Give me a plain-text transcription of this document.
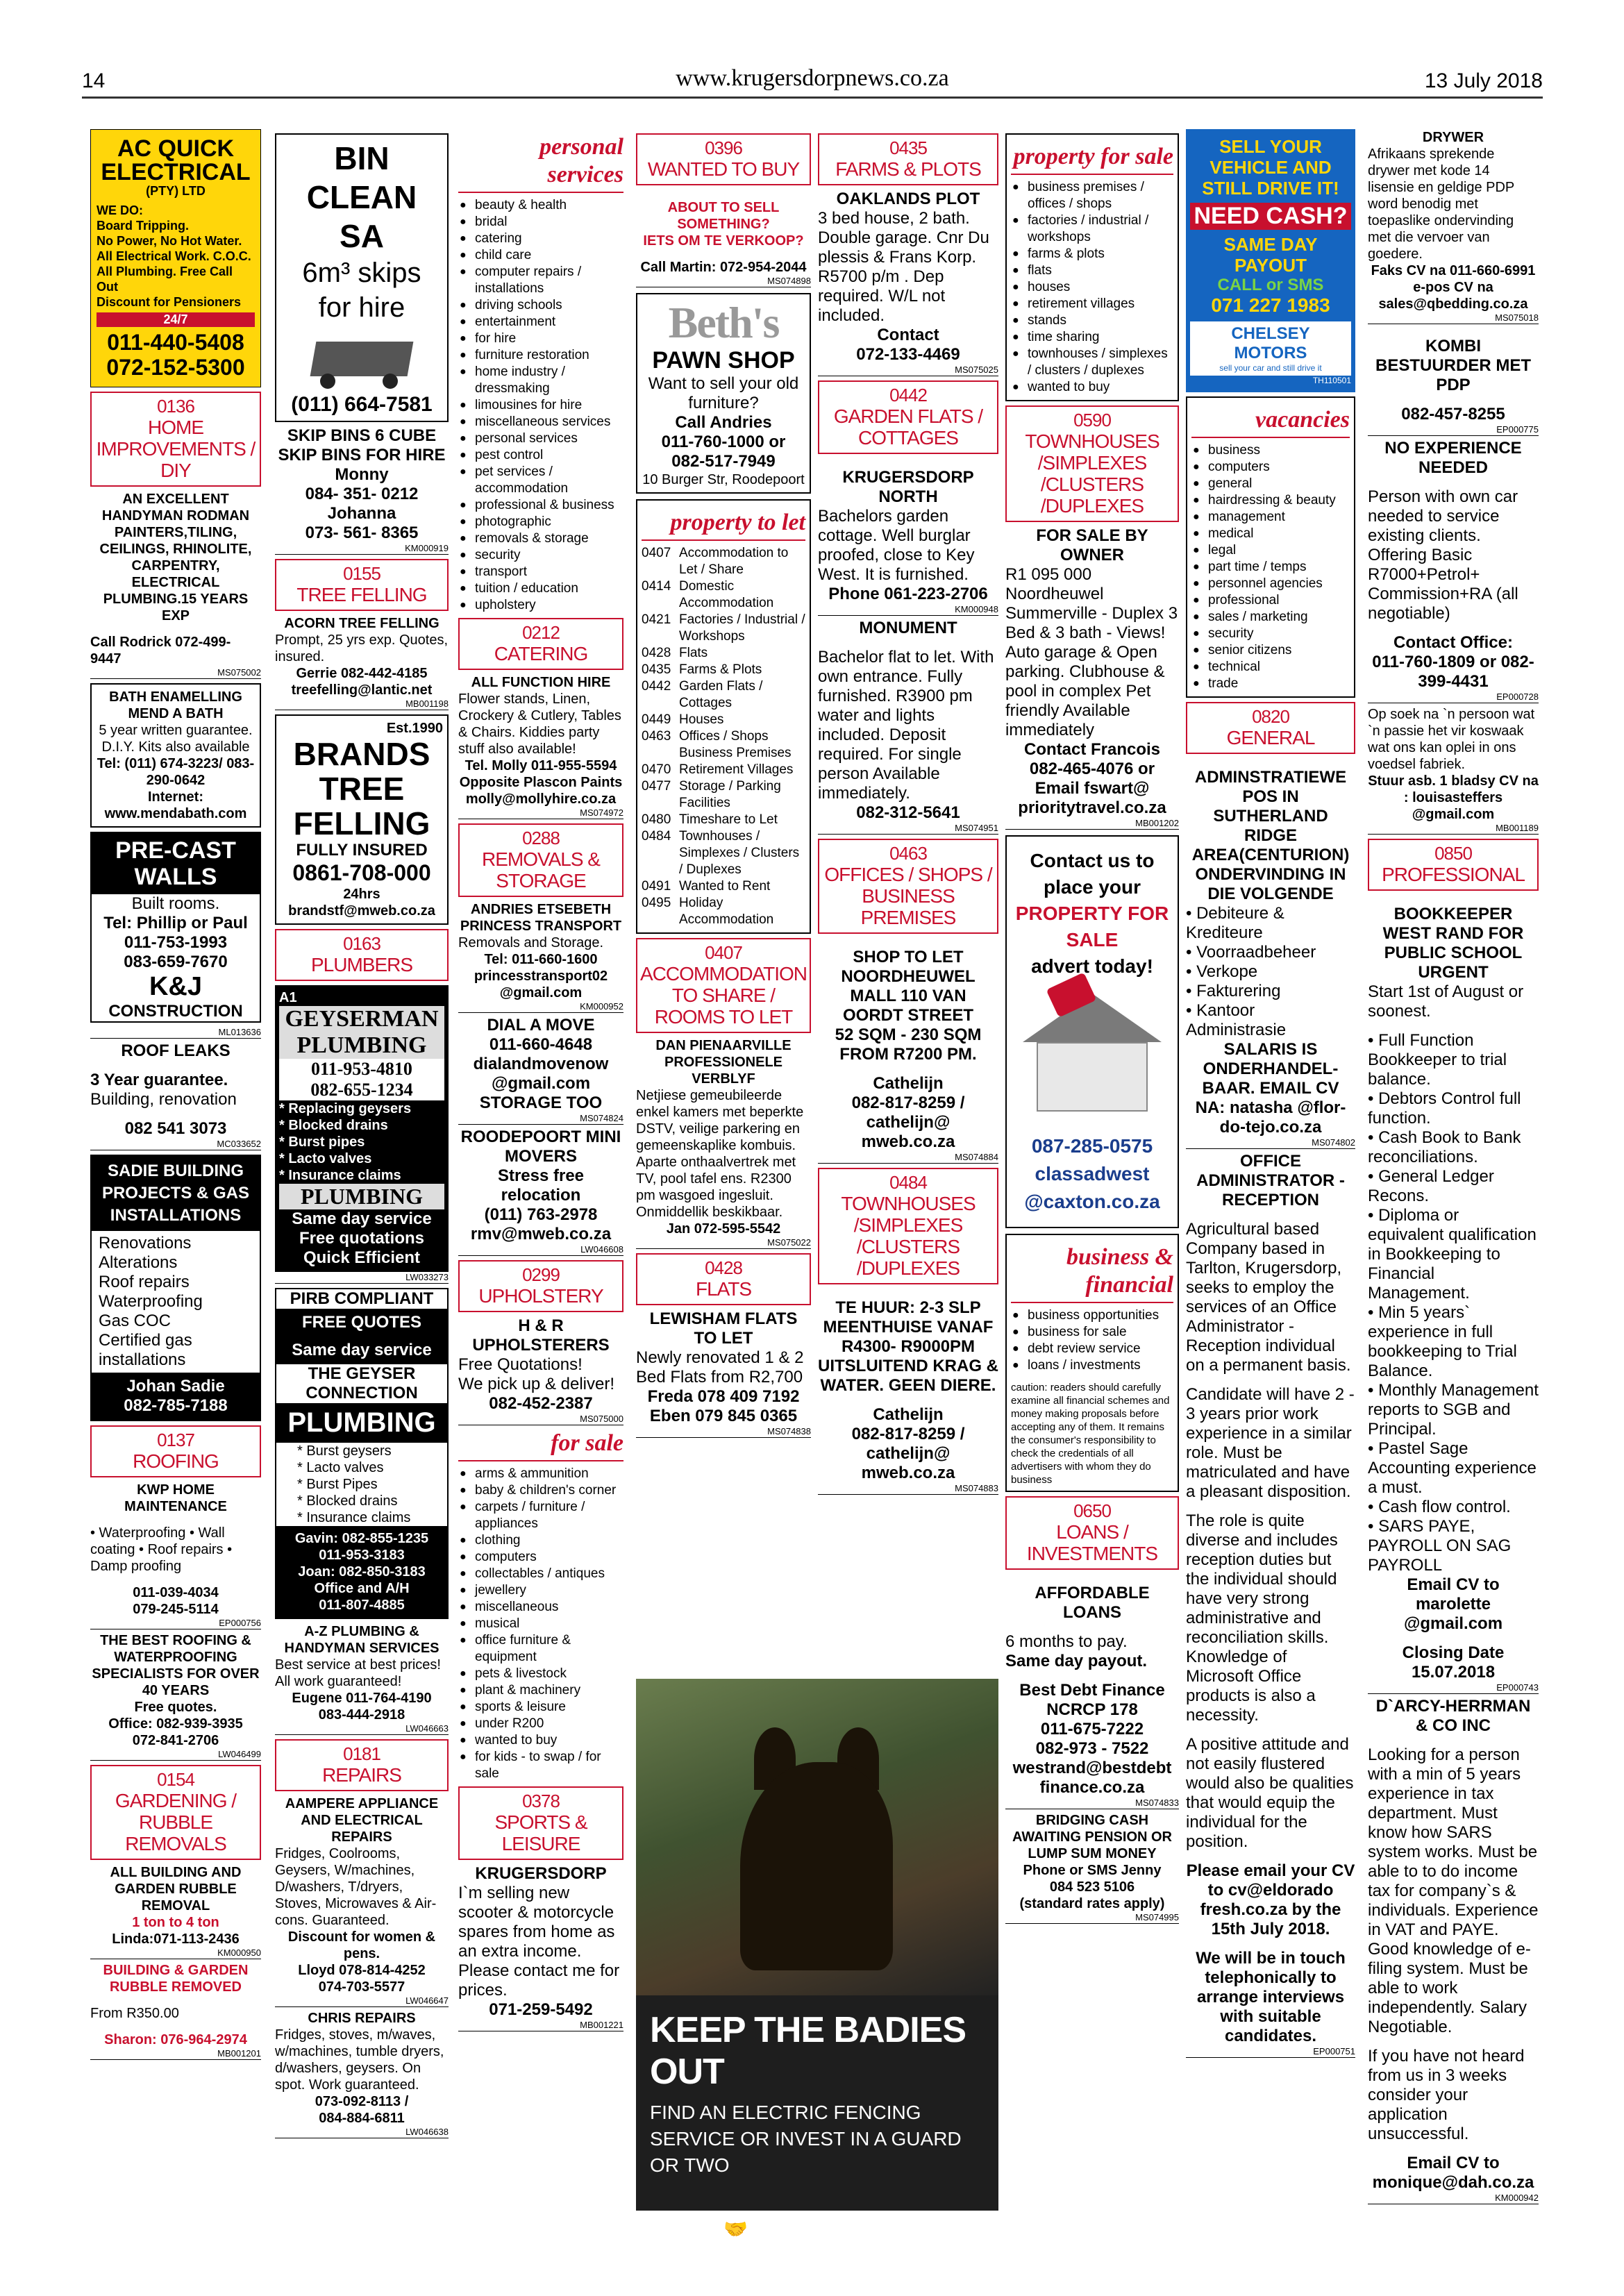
14	www.krugersdorpnews.co.za	13 July 2018
AC QUICK ELECTRICAL
(PTY) LTD
WE DO:
Board Tripping.
No Power, No Hot Water.
All Electrical Work. C.O.C.
All Plumbing. Free Call Out
Discount for Pensioners
24/7
011-440-5408
072-152-5300
0136
HOME IMPROVEMENTS / DIY
AN EXCELLENT HANDYMAN RODMAN PAINTERS,TILING, CEILINGS, RHINOLITE, CARPENTRY, ELECTRICAL PLUMBING.15 YEARS EXP
Call Rodrick 072-499-9447
MS075002
BATH ENAMELLING MEND A BATH
5 year written guarantee.
D.I.Y. Kits also available
Tel: (011) 674-3223/ 083-290-0642
Internet:
www.mendabath.com
PRE-CAST WALLS
Built rooms.
Tel: Phillip or Paul
011-753-1993
083-659-7670
K&J
CONSTRUCTION
ML013636
ROOF LEAKS
3 Year guarantee.
Building, renovation
082 541 3073
MC033652
SADIE BUILDING PROJECTS & GAS INSTALLATIONS
Renovations
Alterations
Roof repairs
Waterproofing
Gas COC
Certified gas installations
Johan Sadie
082-785-7188
0137
ROOFING
KWP HOME MAINTENANCE
• Waterproofing • Wall coating • Roof repairs • Damp proofing
011-039-4034
079-245-5114
EP000756
THE BEST ROOFING & WATERPROOFING SPECIALISTS FOR OVER 40 YEARS
Free quotes.
Office: 082-939-3935
072-841-2706
LW046499
0154
GARDENING / RUBBLE REMOVALS
ALL BUILDING AND GARDEN RUBBLE REMOVAL
1 ton to 4 ton
Linda:071-113-2436
KM000950
BUILDING & GARDEN RUBBLE REMOVED
From R350.00
Sharon: 076-964-2974
MB001201
BIN CLEAN SA
6m³ skips
for hire
(011) 664-7581
SKIP BINS 6 CUBE SKIP BINS FOR HIRE
Monny
084- 351- 0212
Johanna
073- 561- 8365
KM000919
0155
TREE FELLING
ACORN TREE FELLING
Prompt, 25 yrs exp. Quotes, insured.
Gerrie 082-442-4185
treefelling@lantic.net
MB001198
Est.1990
BRANDS
TREE
FELLING
FULLY INSURED
0861-708-000
24hrs
brandstf@mweb.co.za
0163
PLUMBERS
A1
GEYSERMAN PLUMBING
011-953-4810
082-655-1234
* Replacing geysers
* Blocked drains
* Burst pipes
* Lacto valves
* Insurance claims
PLUMBING
Same day service
Free quotations
Quick Efficient
LW033273
PIRB COMPLIANT
FREE QUOTES
Same day service
THE GEYSER CONNECTION
PLUMBING
* Burst geysers
* Lacto valves
* Burst Pipes
* Blocked drains
* Insurance claims
Gavin: 082-855-1235
011-953-3183
Joan: 082-850-3183
Office and A/H
011-807-4885
A-Z PLUMBING & HANDYMAN SERVICES
Best service at best prices!
All work guaranteed!
Eugene 011-764-4190
083-444-2918
LW046663
0181
REPAIRS
AAMPERE APPLIANCE AND ELECTRICAL REPAIRS
Fridges, Coolrooms, Geysers, W/machines, D/washers, T/dryers, Stoves, Microwaves & Air-cons. Guaranteed.
Discount for women & pens.
Lloyd 078-814-4252
074-703-5577
LW046647
CHRIS REPAIRS
Fridges, stoves, m/waves, w/machines, tumble dryers, d/washers, geysers. On spot. Work guaranteed.
073-092-8113 /
084-884-6811
LW046638
personal services
● beauty & health
● bridal
● catering
● child care
● computer repairs / installations
● driving schools
● entertainment
● for hire
● furniture restoration
● home industry / dressmaking
● limousines for hire
● miscellaneous services
● personal services
● pest control
● pet services / accommodation
● professional & business
● photographic
● removals & storage
● security
● transport
● tuition / education
● upholstery
0212
CATERING
ALL FUNCTION HIRE
Flower stands, Linen, Crockery & Cutlery, Tables & Chairs. Kiddies party stuff also available!
Tel. Molly 011-955-5594
Opposite Plascon Paints
molly@mollyhire.co.za
MS074972
0288
REMOVALS & STORAGE
ANDRIES ETSEBETH PRINCESS TRANSPORT
Removals and Storage.
Tel: 011-660-1600
princesstransport02 @gmail.com
KM000952
DIAL A MOVE
011-660-4648
dialandmovenow @gmail.com
STORAGE TOO
MS074824
ROODEPOORT MINI MOVERS
Stress free relocation
(011) 763-2978
rmv@mweb.co.za
LW046608
0299
UPHOLSTERY
H & R UPHOLSTERERS
Free Quotations!
We pick up & deliver!
082-452-2387
MS075000
for sale
● arms & ammunition
● baby & children's corner
● carpets / furniture / appliances
● clothing
● computers
● collectables / antiques
● jewellery
● miscellaneous
● musical
● office furniture & equipment
● pets & livestock
● plant & machinery
● sports & leisure
● under R200
● wanted to buy
● for kids - to swap / for sale
0378
SPORTS & LEISURE
KRUGERSDORP
I`m selling new scooter & motorcycle spares from home as an extra income. Please contact me for prices.
071-259-5492
MB001221
0396
WANTED TO BUY
ABOUT TO SELL SOMETHING?
IETS OM TE VERKOOP?
Call Martin: 072-954-2044
MS074898
Beth's
PAWN SHOP
Want to sell your old furniture?
Call Andries
011-760-1000 or
082-517-7949
10 Burger Str, Roodepoort
property to let
0407 Accommodation to Let / Share
0414 Domestic Accommodation
0421 Factories / Industrial / Workshops
0428 Flats
0435 Farms & Plots
0442 Garden Flats / Cottages
0449 Houses
0463 Offices / Shops Business Premises
0470 Retirement Villages
0477 Storage / Parking Facilities
0480 Timeshare to Let
0484 Townhouses / Simplexes / Clusters / Duplexes
0491 Wanted to Rent
0495 Holiday Accommodation
0407
ACCOMMODATION TO SHARE / ROOMS TO LET
DAN PIENAARVILLE PROFESSIONELE VERBLYF
Netjiese gemeubileerde enkel kamers met beperkte DSTV, veilige parkering en gemeenskaplike kombuis. Aparte onthaalvertrek met TV, pool tafel ens. R2300 pm wasgoed ingesluit. Onmiddellik beskikbaar.
Jan 072-595-5542
MS075022
0428
FLATS
LEWISHAM FLATS TO LET
Newly renovated 1 & 2 Bed Flats from R2,700
Freda 078 409 7192
Eben 079 845 0365
MS074838
KEEP THE BADIES OUT
FIND AN ELECTRIC FENCING SERVICE OR INVEST IN A GUARD OR TWO
🤝 biz.krugersdorpnews.co.za
0435
FARMS & PLOTS
OAKLANDS PLOT
3 bed house, 2 bath. Double garage. Cnr Du plessis & Frans Korp. R5700 p/m . Dep required. W/L not included.
Contact
072-133-4469
MS075025
0442
GARDEN FLATS / COTTAGES
KRUGERSDORP NORTH
Bachelors garden cottage. Well burglar proofed, close to Key West. It is furnished.
Phone 061-223-2706
KM000948
MONUMENT
Bachelor flat to let. With own entrance. Fully furnished. R3900 pm water and lights included. Deposit required. For single person Available immediately.
082-312-5641
MS074951
0463
OFFICES / SHOPS / BUSINESS PREMISES
SHOP TO LET NOORDHEUWEL MALL 110 VAN OORDT STREET
52 SQM - 230 SQM FROM R7200 PM.
Cathelijn
082-817-8259 /
cathelijn@ mweb.co.za
MS074884
0484
TOWNHOUSES /SIMPLEXES /CLUSTERS /DUPLEXES
TE HUUR: 2-3 SLP MEENTHUISE VANAF R4300- R9000PM UITSLUITEND KRAG & WATER. GEEN DIERE.
Cathelijn
082-817-8259 /
cathelijn@ mweb.co.za
MS074883
property for sale
● business premises / offices / shops
● factories / industrial / workshops
● farms & plots
● flats
● houses
● retirement villages
● stands
● time sharing
● townhouses / simplexes / clusters / duplexes
● wanted to buy
0590
TOWNHOUSES /SIMPLEXES /CLUSTERS /DUPLEXES
FOR SALE BY OWNER
R1 095 000 Noordheuwel Summerville - Duplex 3 Bed & 3 bath - Views! Auto garage & Open parking. Clubhouse & pool in complex Pet friendly Available immediately
Contact Francois
082-465-4076 or
Email fswart@ prioritytravel.co.za
MB001202
Contact us to place your
PROPERTY FOR SALE
advert today!
087-285-0575
classadwest
@caxton.co.za
business & financial
● business opportunities
● business for sale
● debt review service
● loans / investments
caution: readers should carefully examine all financial schemes and money making proposals before accepting any of them. It remains the consumer's responsibility to check the credentials of all advertisers with whom they do business
0650
LOANS / INVESTMENTS
AFFORDABLE LOANS
6 months to pay.
Same day payout.
Best Debt Finance NCRCP 178
011-675-7222
082-973 - 7522
westrand@bestdebt finance.co.za
MS074833
BRIDGING CASH AWAITING PENSION OR LUMP SUM MONEY
Phone or SMS Jenny
084 523 5106
(standard rates apply)
MS074995
SELL YOUR VEHICLE AND STILL DRIVE IT!
NEED CASH?
SAME DAY PAYOUT
CALL or SMS
071 227 1983
CHELSEY MOTORS
sell your car and still drive it
TH110501
vacancies
● business
● computers
● general
● hairdressing & beauty
● management
● medical
● legal
● part time / temps
● personnel agencies
● professional
● sales / marketing
● security
● senior citizens
● technical
● trade
0820
GENERAL
ADMINSTRATIEWE POS IN SUTHERLAND RIDGE AREA(CENTURION) ONDERVINDING IN DIE VOLGENDE
• Debiteure & Krediteure
• Voorraadbeheer
• Verkope
• Fakturering
• Kantoor Administrasie
SALARIS IS ONDERHANDEL- BAAR. EMAIL CV NA: natasha @flor-do-tejo.co.za
MS074802
OFFICE ADMINISTRATOR - RECEPTION
Agricultural based Company based in Tarlton, Krugersdorp, seeks to employ the services of an Office Administrator - Reception individual on a permanent basis.
Candidate will have 2 - 3 years prior work experience in a similar role. Must be matriculated and have a pleasant disposition.
The role is quite diverse and includes reception duties but the individual should have very strong administrative and reconciliation skills. Knowledge of Microsoft Office products is also a necessity.
A positive attitude and not easily flustered would also be qualities that would equip the individual for the position.
Please email your CV to cv@eldorado fresh.co.za by the 15th July 2018.
We will be in touch telephonically to arrange interviews with suitable candidates.
EP000751
DRYWER
Afrikaans sprekende drywer met kode 14 lisensie en geldige PDP word benodig met toepaslike ondervinding met die vervoer van goedere.
Faks CV na 011-660-6991 e-pos CV na sales@qbedding.co.za
MS075018
KOMBI BESTUURDER MET PDP
082-457-8255
EP000775
NO EXPERIENCE NEEDED
Person with own car needed to service existing clients. Offering Basic R7000+Petrol+ Commission+RA (all negotiable)
Contact Office:
011-760-1809 or 082-399-4431
EP000728
Op soek na `n persoon wat `n passie het vir koswaak wat ons kan oplei in ons voedsel fabriek.
Stuur asb. 1 bladsy CV na : louisasteffers @gmail.com
MB001189
0850
PROFESSIONAL
BOOKKEEPER WEST RAND FOR PUBLIC SCHOOL URGENT
Start 1st of August or soonest.
• Full Function Bookkeeper to trial balance.
• Debtors Control full function.
• Cash Book to Bank reconciliations.
• General Ledger Recons.
• Diploma or equivalent qualification in Bookkeeping to Financial Management.
• Min 5 years` experience in full bookkeeping to Trial Balance.
• Monthly Management reports to SGB and Principal.
• Pastel Sage Accounting experience a must.
• Cash flow control.
• SARS PAYE, PAYROLL ON SAG PAYROLL
Email CV to marolette @gmail.com
Closing Date 15.07.2018
EP000743
D`ARCY-HERRMAN & CO INC
Looking for a person with a min of 5 years experience in tax department. Must know how SARS system works. Must be able to to do income tax for company`s & individuals. Experience in VAT and PAYE. Good knowledge of e-filing system. Must be able to work independently. Salary Negotiable.
If you have not heard from us in 3 weeks consider your application unsuccessful.
Email CV to monique@dah.co.za
KM000942
